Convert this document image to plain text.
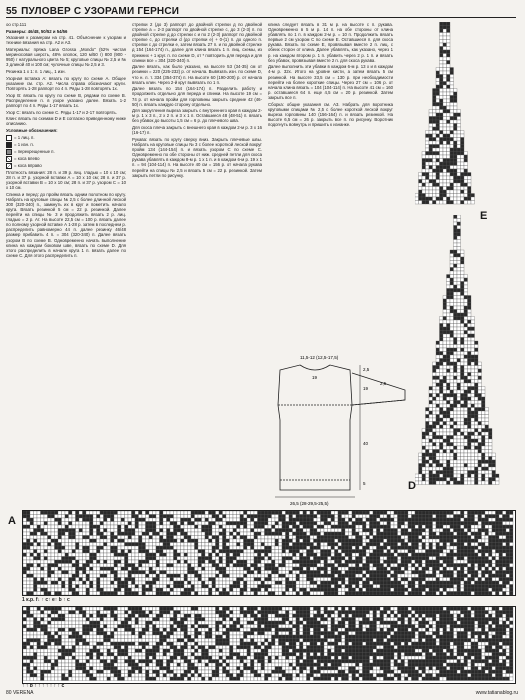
55 ПУЛОВЕР С УЗОРАМИ ГЕРНСИ

оо стр.111

Размеры: 46/48, 50/52 и 54/56

Указания к размерам на стр. 41. Объяснение к узорам и технике вязания на стр. А2 и А3.

Материалы: пряжа Lana Grossa „Mondo" (52% чистая мериносовая шерсть, 48% хлопок, 120 м/50 г) 800 (900 - 950) г натурального цвета № 5; круговые спицы № 2,5 и № 3 длиной 40 и 100 см; чулочные спицы № 2,5 и 3.

Резинка 1 х 1: п. 1 лиц., 1 изн.

Узорная вставка A: вязать по кругу по схеме А. Общее указание см. стр. А2. Числа справа обозначают круги. Повторять 1-28 раппорт по 4 п. Ряды 1-28 повторять 1х.

Узор B: вязать по кругу по схеме В, рядами по схеме В. Распределение п. в узоре указано далее. Вязать 1-2 раппорт по 4 п. Ряды 1-17 вязать 1х.

Узор C: вязать по схеме С. Ряды 1-17 и 2-17 повторять.

Клин: вязать по схемам D и Е согласно приведенному ниже описанию.

Условные обозначения:

= 1 лиц. п.
= 1 изн. п.
= перекрещенные п.
= коса влево
= коса вправо

Плотность вязания: 28 п. и 39 р. лиц. гладью = 10 х 10 см; 28 п. и 37 р. узорной вставки А = 10 х 10 см; 28 п. и 37 р. узорной вставки В = 10 х 10 см; 28 п. и 37 р. узором С = 10 х 10 см.

Спинка и перед: до пройм вязать одним полотном по кругу. Набрать на круговые спицы № 2,5 с более длинной леской 300 (320-340) п., замкнуть их в круг и пометить начало круга. Вязать резинкой 5 см = 22 р. резинкой. Далее перейти на спицы № 3 и продолжить вязать 2 р. лиц. гладью = 2 р. Ат. На высоте 22,5 см = 100 р. вязать далее по полному узорной вставке А 1-28 р. затем в последнем р. распределить равномерно 44 п. далее резинку 46/48 размер прибавить 4 п. = 304 (320-340) п. Далее вязать узором В по схеме В. Одновременно начать выполнение клина на каждом боковом шве, вязать по схеме D. Для этого распределить в начале круга 1 п. вязать далее по схеме С. Для этого распределить п.

стрелки 2 (до 3) раппорт до двойной стрелки д по двойной стрелке а = 2-3 раппорт по двойной стрелке с, до 3 (2-3) п. по двойной стрелке д до стрелки с и по 2 (2-3) раппорт по двойной стрелке с, до стрелки d (до стрелки е) + 0-(1) п. до одного п. стрелки с до стрелки е, затем вязать 27 п. и по двойной стрелке д 154 (164-174) п., далее для клина вязать 1 п. лиц. схемы, из прежних + 1 круг. п. по схеме D, от * повторить для переда и для спинки все = 304 (320-340) п.

Далее вязать, как было указано, на высоте 53 (34-35) см от резинки = 220 (226-232) р. от начала. Вывязать изн. по схеме D, что н. л. т. 334 (354-374) п. На высоте 60 (190-200) р. от начала вязать клин. Через 2-й круг вывязать по 1 п.

Далее вязать по 154 (164-174) п. Разделить работу и продолжить отдельно для переда и спинки. На высоте 19 см = 74 р. от начала пройм для горловины закрыть средние 42 (46-50) п. вязать каждую сторону отдельно.

Для закругления выреза закрыть с внутреннего края в каждом 2-м р. 1 х 3 п., 2 х 2 п. и 3 х 1 п. Оставшиеся 48 (48-51) п. вязать без убавок до высоты 1,5 см = 6 р. до плечевого шва.

Для скоса плеча закрыть с внешнего края в каждом 2-м р. 3 х 16 (16-17) п.

Рукава: вязать по кругу сверху вниз. Закрыть плечевые швы. Набрать на круговые спицы № 3 с более короткой леской вокруг пройм 134 (144-154) п. и вязать узором С по схеме С. Одновременно по обе стороны от ниж. средней петли для скоса рукава убавлять в каждом 8-м р. 1 х 1 п. и в каждом 6-м р. 19 х 1 п. = 94 (104-114) п. На высоте 40 см = 156 р. от начала рукава перейти на спицы № 2,5 и вязать 5 см = 22 р. резинкой. Затем закрыть петли по рисунку.

клина следует вязать в 31 м р. на высоте с п. рукава. Одновременно в 5 м р. 14 п. на обе стороны от клина убавлять по 1 п. в каждом 2-м р. = 10 п. Продолжить вязать первые 2 см узором С по схеме Е. Оставшиеся п. для скоса рукава. Вязать по схеме Е, провязывая вместе 2 п. лиц. с обеих сторон от клина. Далее убавлять, как указано, через 1 р. на каждом втором р. 1 п. убавить через 2 р. 1 п. и вязать без убавок, провязывая вместе 2 п. для скоса рукава.

Далее выполнить эти убавки в каждом 6-м р. 13 х и в каждом 4-м р. 32х. Итого на уровне кисти, а затем вязать 5 см резинкой. На высоте 33,5 см = 130 р. при необходимости перейти на более короткие спицы. Через 27 см = 106 р. от начала клина вязать = 104 (104-114) п. На высоте 41 см = 160 р. оставшиеся 64 п. еще 4,5 см = 20 р. резинкой. Затем закрыть все п.

Сборка: общие указания см. А3. Набрать для воротника круговыми спицами № 2,5 с более короткой леской вокруг выреза горловины 140 (156-164) п. и вязать резинкой. На высоте 6,5 см = 26 р. закрыть все п. по рисунку. Воротник подогнуть вовнутрь и пришить к изнанке.

11,5-12 (12,5-17,5)
19
26,5 (28-29,5-25,5)
2,5
19
40
5
2,5
E
D
A
1 к.р. f↓ ↑ с↑ e↑ b ↑ c
↑ ↑ b ↑ ↑ ↑ ↑ ↑ ↑ ↑ c
80 VERENA	www.tatianablog.ru
